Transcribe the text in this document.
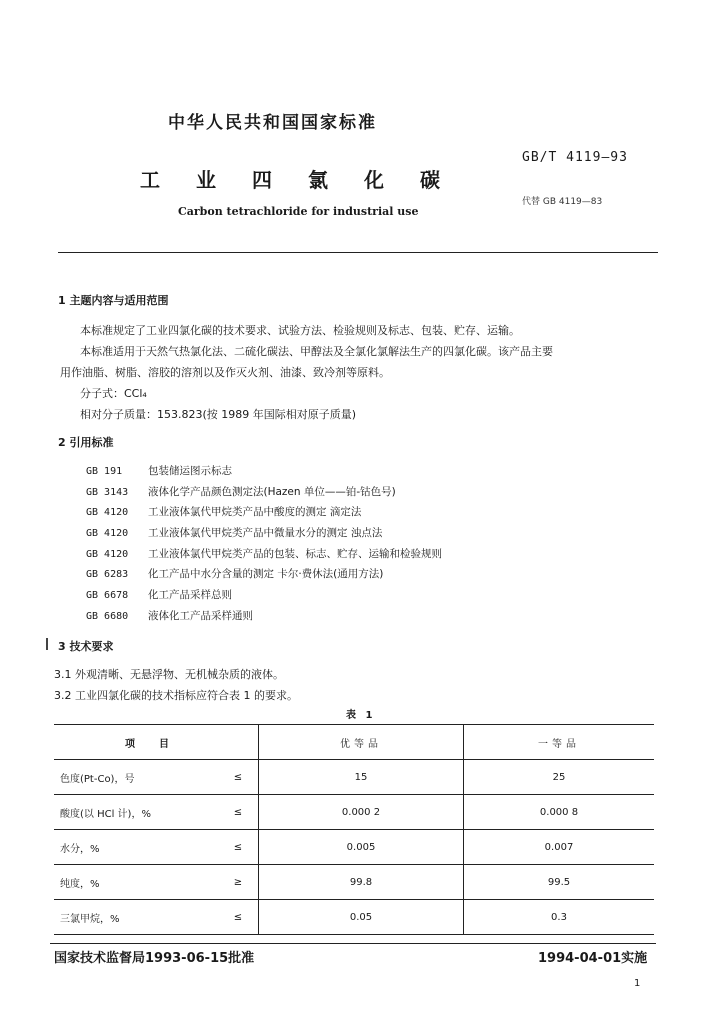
中华人民共和国国家标准
GB/T 4119—93
工业四氯化碳
代替 GB 4119—83
Carbon tetrachloride for industrial use
1 主题内容与适用范围
本标准规定了工业四氯化碳的技术要求、试验方法、检验规则及标志、包装、贮存、运输。
本标准适用于天然气热氯化法、二硫化碳法、甲醇法及全氯化氯解法生产的四氯化碳。该产品主要
用作油脂、树脂、溶胶的溶剂以及作灭火剂、油漆、致冷剂等原料。
分子式：CCl₄
相对分子质量：153.823(按 1989 年国际相对原子质量)
2 引用标准
GB 191 包装储运图示标志
GB 3143 液体化学产品颜色测定法(Hazen 单位——铂-钴色号)
GB 4120 工业液体氯代甲烷类产品中酸度的测定 滴定法
GB 4120 工业液体氯代甲烷类产品中微量水分的测定 浊点法
GB 4120 工业液体氯代甲烷类产品的包装、标志、贮存、运输和检验规则
GB 6283 化工产品中水分含量的测定 卡尔·费休法(通用方法)
GB 6678 化工产品采样总则
GB 6680 液体化工产品采样通则
3 技术要求
3.1 外观清晰、无悬浮物、无机械杂质的液体。
3.2 工业四氯化碳的技术指标应符合表 1 的要求。
表 1
项目		优等品	一等品
色度(Pt-Co)，号	≤	15	25
酸度(以 HCl 计)，%	≤	0.000 2	0.000 8
水分，%	≤	0.005	0.007
纯度，%	≥	99.8	99.5
三氯甲烷，%	≤	0.05	0.3
国家技术监督局1993-06-15批准	1994-04-01实施
1
